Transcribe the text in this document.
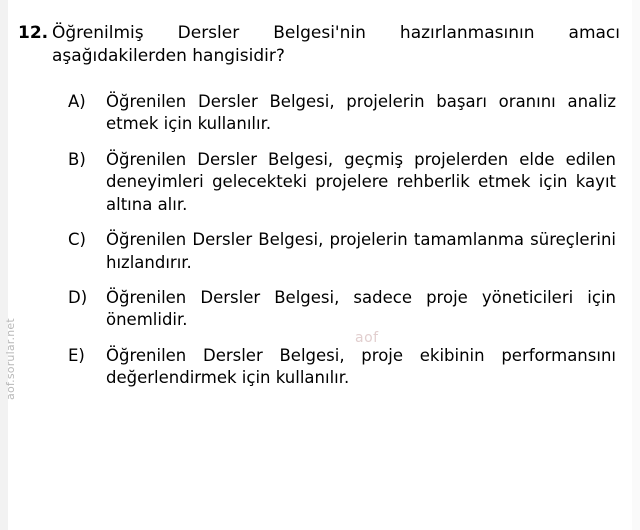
aof.sorular.net	aof
12. Öğrenilmiş Dersler Belgesi'nin hazırlanmasının amacı aşağıdakilerden hangisidir?
A)	Öğrenilen Dersler Belgesi, projelerin başarı oranını analiz etmek için kullanılır.
B)	Öğrenilen Dersler Belgesi, geçmiş projelerden elde edilen deneyimleri gelecekteki projelere rehberlik etmek için kayıt altına alır.
C)	Öğrenilen Dersler Belgesi, projelerin tamamlanma süreçlerini hızlandırır.
D)	Öğrenilen Dersler Belgesi, sadece proje yöneticileri için önemlidir.
E)	Öğrenilen Dersler Belgesi, proje ekibinin performansını değerlendirmek için kullanılır.
